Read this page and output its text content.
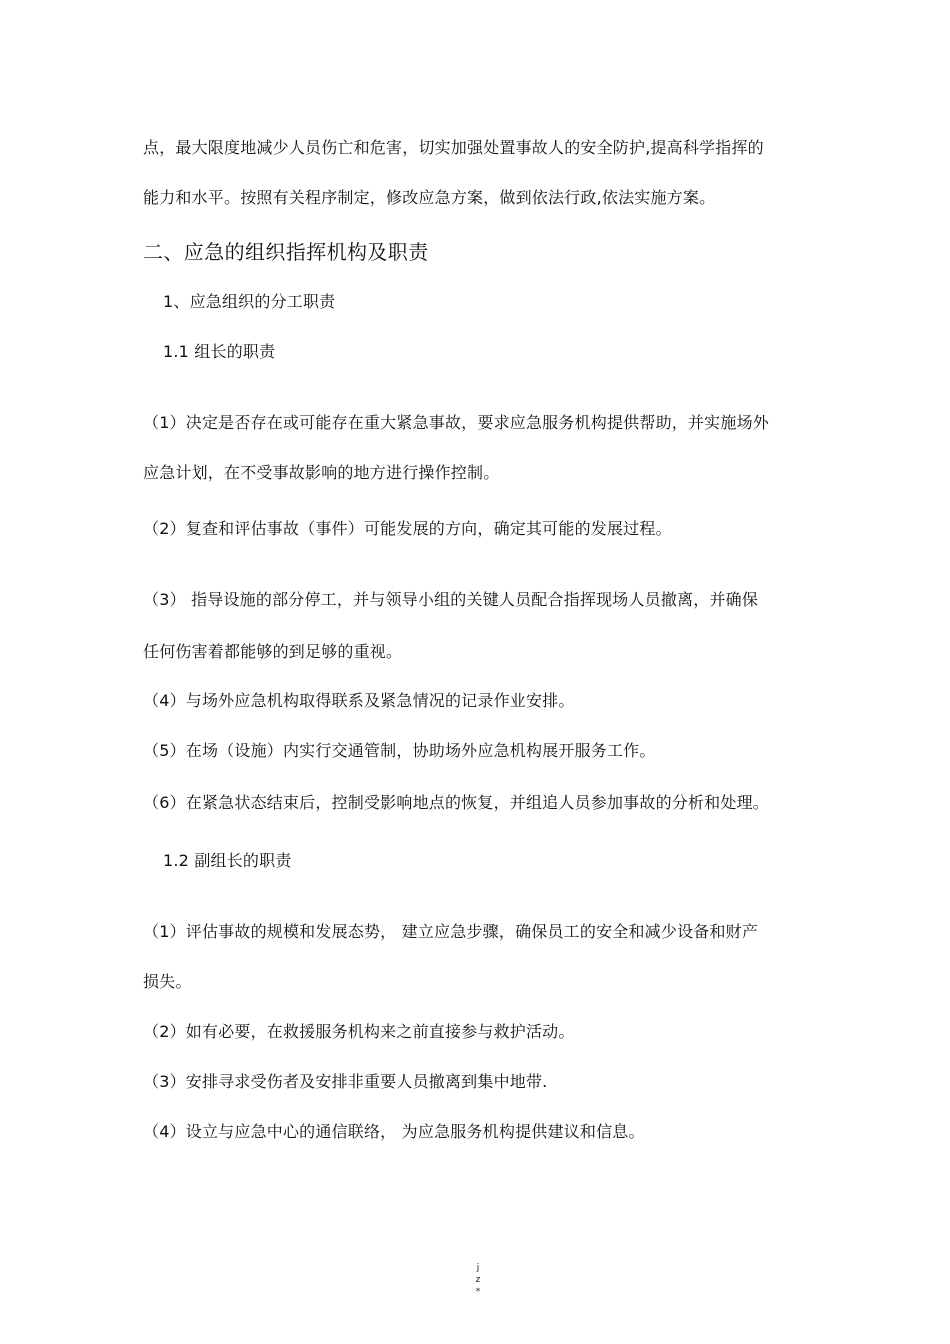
点，最大限度地减少人员伤亡和危害，切实加强处置事故人的安全防护,提高科学指挥的

能力和水平。按照有关程序制定，修改应急方案，做到依法行政,依法实施方案。

二、应急的组织指挥机构及职责

1、应急组织的分工职责

1.1 组长的职责

（1）决定是否存在或可能存在重大紧急事故，要求应急服务机构提供帮助，并实施场外

应急计划，在不受事故影响的地方进行操作控制。

（2）复查和评估事故（事件）可能发展的方向，确定其可能的发展过程。

（3） 指导设施的部分停工，并与领导小组的关键人员配合指挥现场人员撤离，并确保

任何伤害着都能够的到足够的重视。

（4）与场外应急机构取得联系及紧急情况的记录作业安排。

（5）在场（设施）内实行交通管制，协助场外应急机构展开服务工作。

（6）在紧急状态结束后，控制受影响地点的恢复，并组追人员参加事故的分析和处理。

1.2 副组长的职责

（1）评估事故的规模和发展态势， 建立应急步骤，确保员工的安全和减少设备和财产

损失。

（2）如有必要，在救援服务机构来之前直接参与救护活动。

（3）安排寻求受伤者及安排非重要人员撤离到集中地带.

（4）设立与应急中心的通信联络， 为应急服务机构提供建议和信息。

j
z
*
